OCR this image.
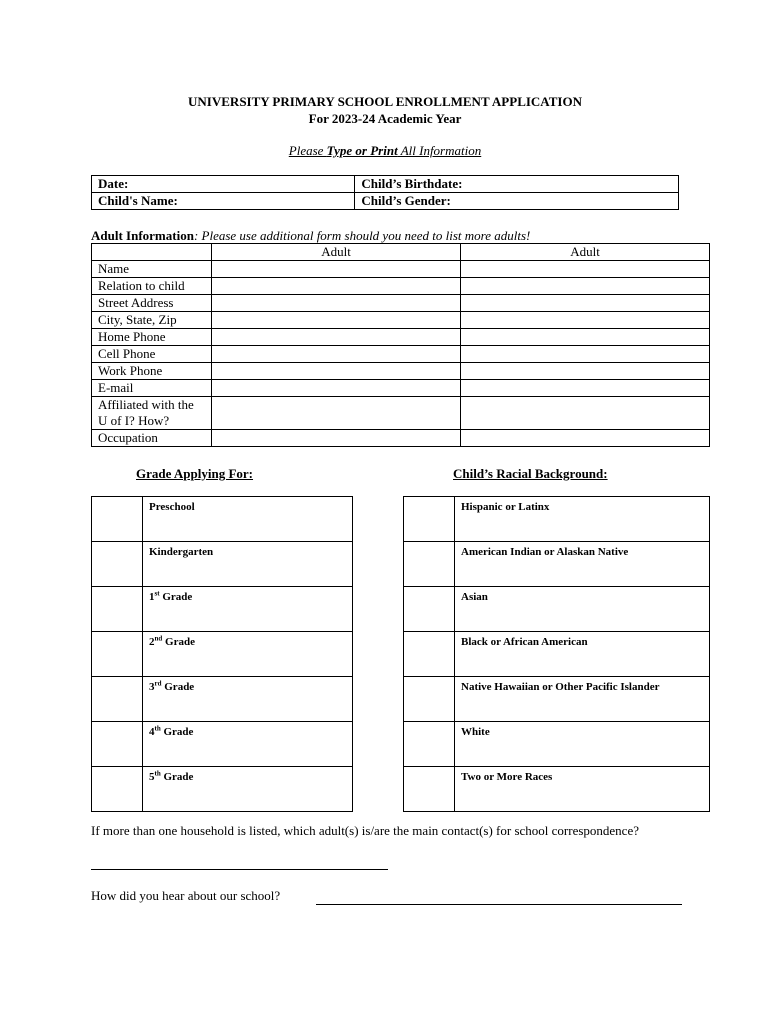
UNIVERSITY PRIMARY SCHOOL ENROLLMENT APPLICATION
For 2023-24 Academic Year
Please Type or Print All Information
Date:	Child’s Birthdate:
Child's Name:	Child’s Gender:
Adult Information: Please use additional form should you need to list more adults!
	Adult	Adult
Name		
Relation to child		
Street Address		
City, State, Zip		
Home Phone		
Cell Phone		
Work Phone		
E-mail		
Affiliated with the U of I? How?		
Occupation		
Grade Applying For:	Child’s Racial Background:
	Preschool
	Kindergarten
	1st Grade
	2nd Grade
	3rd Grade
	4th Grade
	5th Grade
	Hispanic or Latinx
	American Indian or Alaskan Native
	Asian
	Black or African American
	Native Hawaiian or Other Pacific Islander
	White
	Two or More Races
If more than one household is listed, which adult(s) is/are the main contact(s) for school correspondence?
How did you hear about our school?
